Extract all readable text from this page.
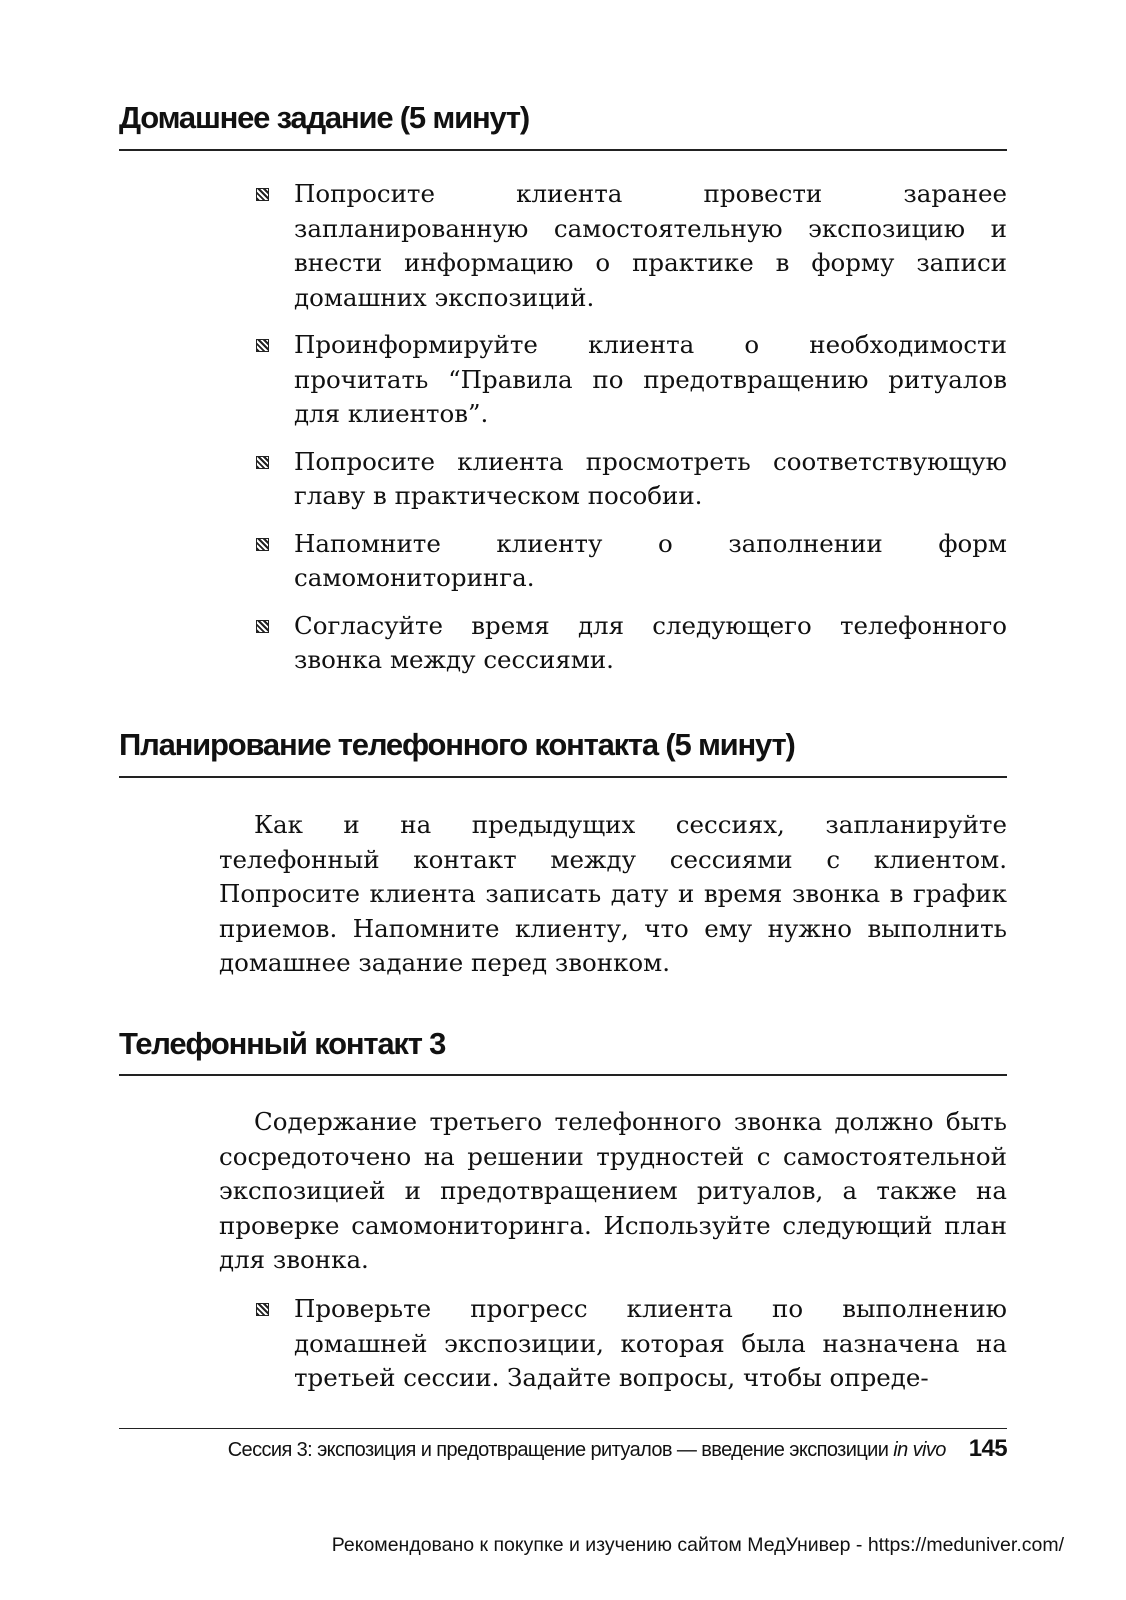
Домашнее задание (5 минут)
Попросите клиента провести заранее запланированную самостоятельную экспозицию и внести информацию о практике в форму записи домашних экспозиций.
Проинформируйте клиента о необходимости прочитать “Правила по предотвращению ритуалов для клиентов”.
Попросите клиента просмотреть соответствующую главу в практическом пособии.
Напомните клиенту о заполнении форм самомониторинга.
Согласуйте время для следующего телефонного звонка между сессиями.
Планирование телефонного контакта (5 минут)

Как и на предыдущих сессиях, запланируйте телефонный контакт между сессиями с клиентом. Попросите клиента записать дату и время звонка в график приемов. Напомните клиенту, что ему нужно выполнить домашнее задание перед звонком.

Телефонный контакт 3

Содержание третьего телефонного звонка должно быть сосредоточено на решении трудностей с самостоятельной экспозицией и предотвращением ритуалов, а также на проверке самомониторинга. Используйте следующий план для звонка.

Проверьте прогресс клиента по выполнению домашней экспозиции, которая была назначена на третьей сессии. Задайте вопросы, чтобы опреде-
Сессия 3: экспозиция и предотвращение ритуалов — введение экспозиции in vivo 145
Рекомендовано к покупке и изучению сайтом МедУнивер - https://meduniver.com/
